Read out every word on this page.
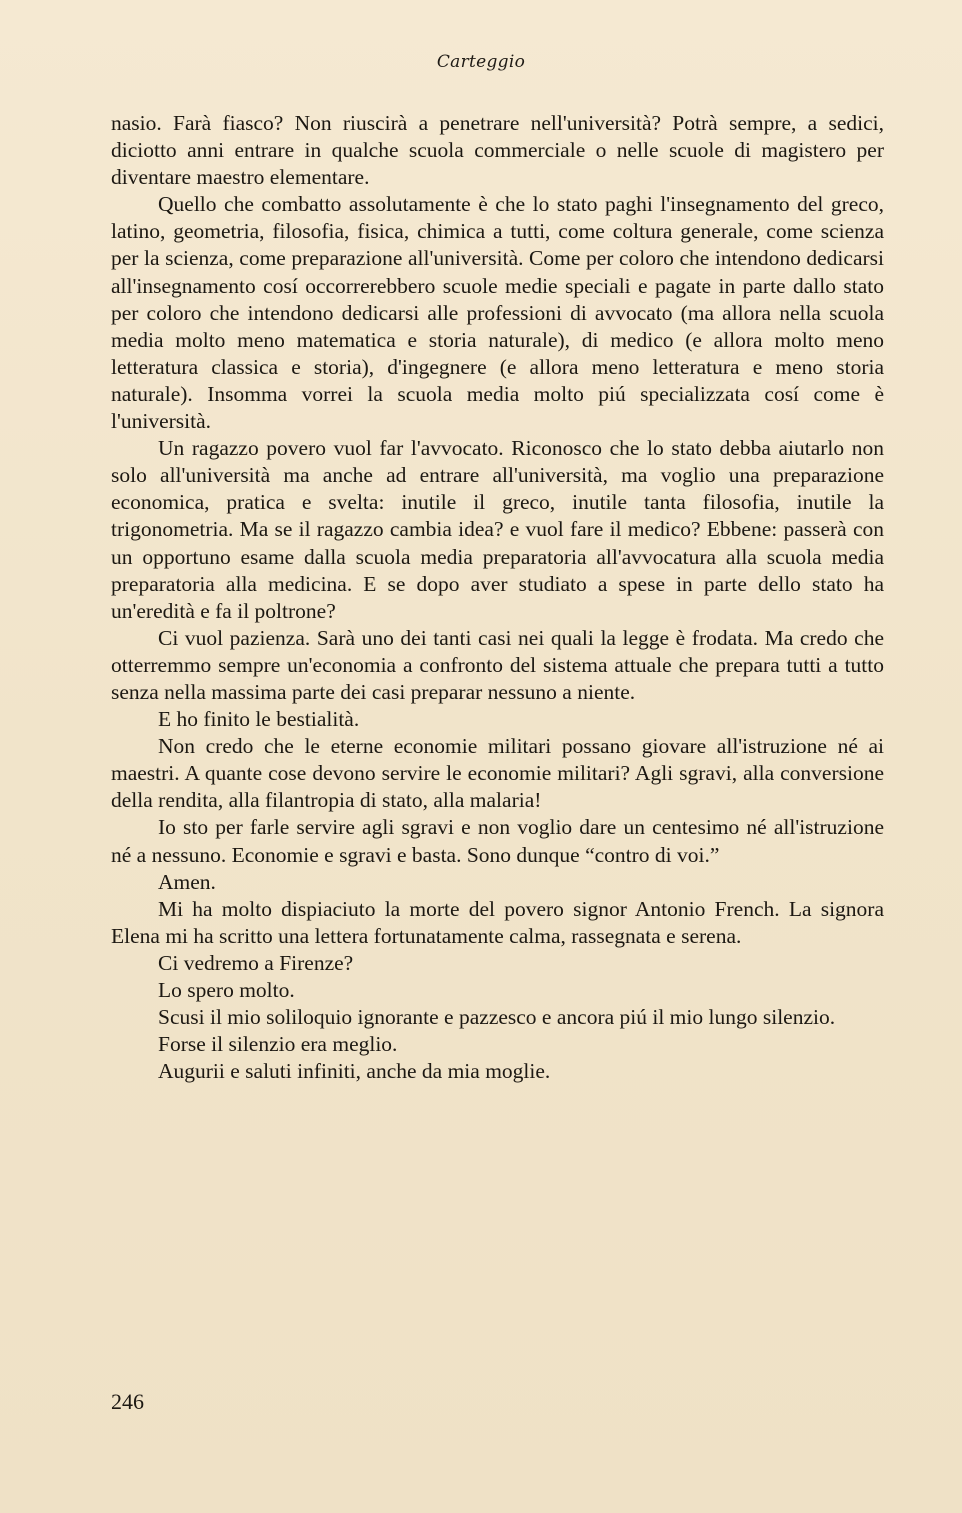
Carteggio

nasio. Farà fiasco? Non riuscirà a penetrare nell'università? Potrà sempre, a sedici, diciotto anni entrare in qualche scuola commerciale o nelle scuole di magistero per diventare maestro elementare.

Quello che combatto assolutamente è che lo stato paghi l'insegnamento del greco, latino, geometria, filosofia, fisica, chimica a tutti, come coltura generale, come scienza per la scienza, come preparazione all'università. Come per coloro che intendono dedicarsi all'insegnamento cosí occorrerebbero scuole medie speciali e pagate in parte dallo stato per coloro che intendono dedicarsi alle professioni di avvocato (ma allora nella scuola media molto meno matematica e storia naturale), di medico (e allora molto meno letteratura classica e storia), d'ingegnere (e allora meno letteratura e meno storia naturale). Insomma vorrei la scuola media molto piú specializzata cosí come è l'università.

Un ragazzo povero vuol far l'avvocato. Riconosco che lo stato debba aiutarlo non solo all'università ma anche ad entrare all'università, ma voglio una preparazione economica, pratica e svelta: inutile il greco, inutile tanta filosofia, inutile la trigonometria. Ma se il ragazzo cambia idea? e vuol fare il medico? Ebbene: passerà con un opportuno esame dalla scuola media preparatoria all'avvocatura alla scuola media preparatoria alla medicina. E se dopo aver studiato a spese in parte dello stato ha un'eredità e fa il poltrone?

Ci vuol pazienza. Sarà uno dei tanti casi nei quali la legge è frodata. Ma credo che otterremmo sempre un'economia a confronto del sistema attuale che prepara tutti a tutto senza nella massima parte dei casi preparar nessuno a niente.

E ho finito le bestialità.

Non credo che le eterne economie militari possano giovare all'istruzione né ai maestri. A quante cose devono servire le economie militari? Agli sgravi, alla conversione della rendita, alla filantropia di stato, alla malaria!

Io sto per farle servire agli sgravi e non voglio dare un centesimo né all'istruzione né a nessuno. Economie e sgravi e basta. Sono dunque “contro di voi.”

Amen.

Mi ha molto dispiaciuto la morte del povero signor Antonio French. La signora Elena mi ha scritto una lettera fortunatamente calma, rassegnata e serena.

Ci vedremo a Firenze?

Lo spero molto.

Scusi il mio soliloquio ignorante e pazzesco e ancora piú il mio lungo silenzio.

Forse il silenzio era meglio.

Augurii e saluti infiniti, anche da mia moglie.

246
